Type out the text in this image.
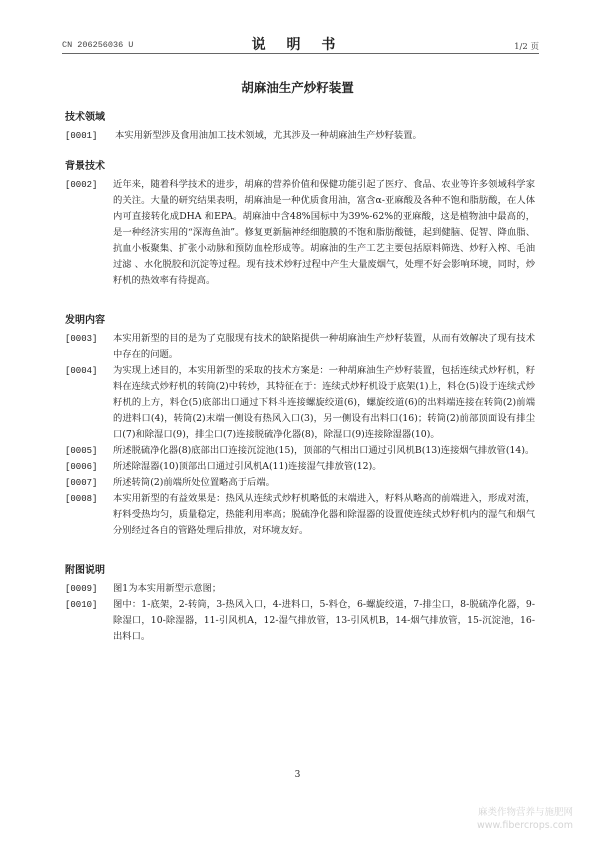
CN 206256036 U	说 明 书	1/2 页
胡麻油生产炒籽装置
技术领域
[0001]	本实用新型涉及食用油加工技术领域，尤其涉及一种胡麻油生产炒籽装置。
背景技术
[0002]	近年来，随着科学技术的进步，胡麻的营养价值和保健功能引起了医疗、食品、农业等许多领域科学家的关注。大量的研究结果表明，胡麻油是一种优质食用油，富含α-亚麻酸及各种不饱和脂肪酸，在人体内可直接转化成DHA 和EPA。胡麻油中含48%国标中为39%-62%的亚麻酸，这是植物油中最高的，是一种经济实用的“深海鱼油”。修复更新脑神经细胞膜的不饱和脂肪酸链，起到健脑、促智、降血脂、抗血小板聚集、扩张小动脉和预防血栓形成等。胡麻油的生产工艺主要包括原料筛选、炒籽入榨、毛油过滤 、水化脱胶和沉淀等过程。现有技术炒籽过程中产生大量废烟气，处理不好会影响环境，同时，炒籽机的热效率有待提高。
发明内容
[0003]	本实用新型的目的是为了克服现有技术的缺陷提供一种胡麻油生产炒籽装置，从而有效解决了现有技术中存在的问题。
[0004]	为实现上述目的，本实用新型的采取的技术方案是：一种胡麻油生产炒籽装置，包括连续式炒籽机，籽料在连续式炒籽机的转筒(2)中转炒，其特征在于：连续式炒籽机设于底架(1)上，料仓(5)设于连续式炒籽机的上方，料仓(5)底部出口通过下料斗连接螺旋绞道(6)，螺旋绞道(6)的出料端连接在转筒(2)前端的进料口(4)，转筒(2)末端一侧设有热风入口(3)，另一侧设有出料口(16)；转筒(2)前部顶面设有排尘口(7)和除湿口(9)，排尘口(7)连接脱硫净化器(8)，除湿口(9)连接除湿器(10)。
[0005]	所述脱硫净化器(8)底部出口连接沉淀池(15)，顶部的气相出口通过引风机B(13)连接烟气排放管(14)。
[0006]	所述除湿器(10)顶部出口通过引风机A(11)连接湿气排放管(12)。
[0007]	所述转筒(2)前端所处位置略高于后端。
[0008]	本实用新型的有益效果是：热风从连续式炒籽机略低的末端进入，籽料从略高的前端进入，形成对流，籽料受热均匀，质量稳定，热能利用率高；脱硫净化器和除湿器的设置使连续式炒籽机内的湿气和烟气分别经过各自的管路处理后排放，对环境友好。
附图说明
[0009]	图1为本实用新型示意图；
[0010]	图中：1-底架，2-转筒，3-热风入口，4-进料口，5-料仓，6-螺旋绞道，7-排尘口，8-脱硫净化器，9-除湿口，10-除湿器，11-引风机A，12-湿气排放管，13-引风机B，14-烟气排放管，15-沉淀池，16-出料口。
3
麻类作物营养与施肥网
www.fibercrops.com
